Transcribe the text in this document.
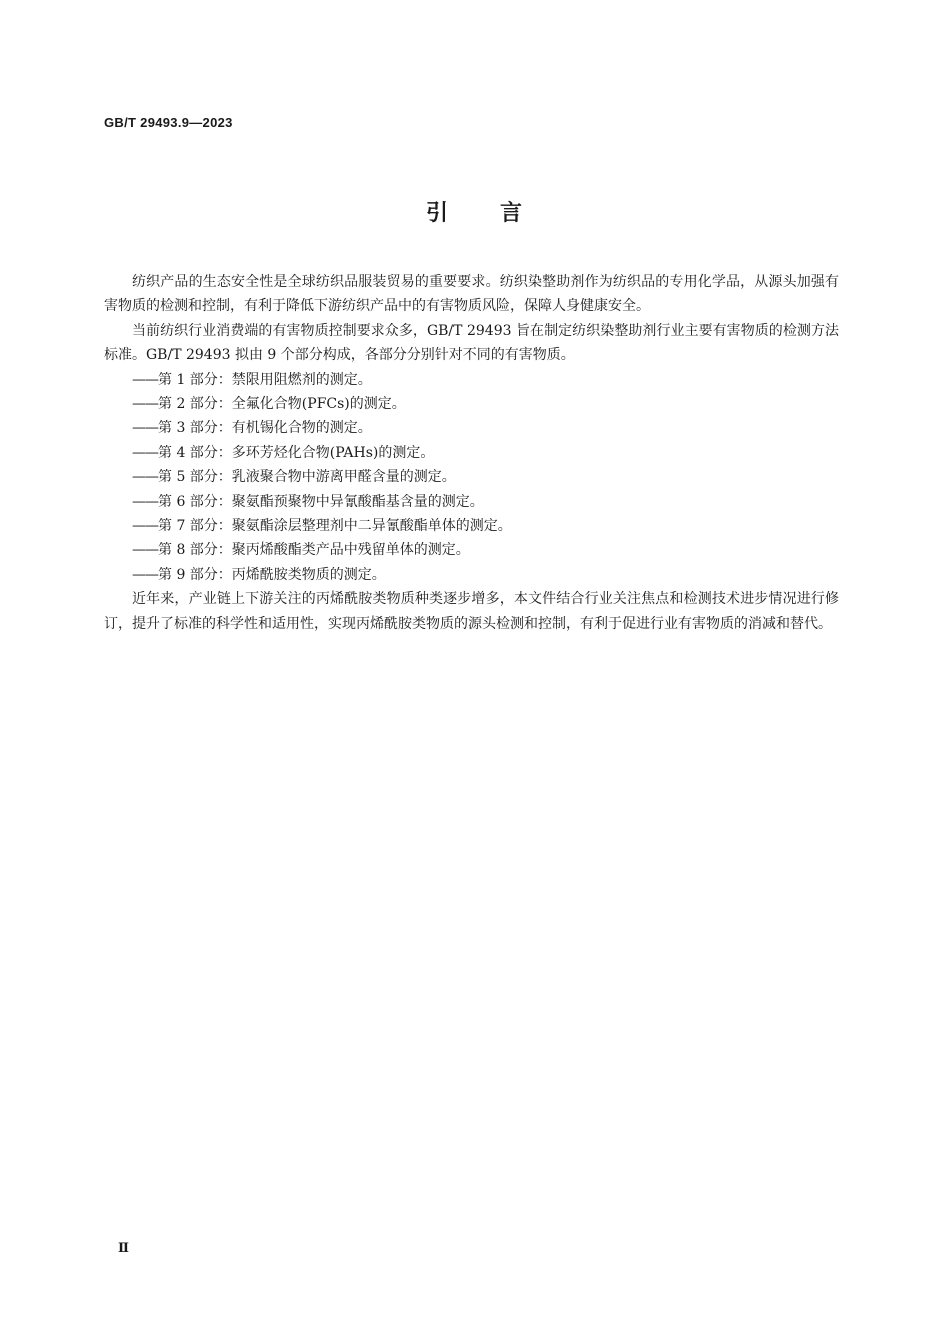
GB/T 29493.9—2023
引 言

纺织产品的生态安全性是全球纺织品服装贸易的重要要求。纺织染整助剂作为纺织品的专用化学品，从源头加强有害物质的检测和控制，有利于降低下游纺织产品中的有害物质风险，保障人身健康安全。

当前纺织行业消费端的有害物质控制要求众多，GB/T 29493 旨在制定纺织染整助剂行业主要有害物质的检测方法标准。GB/T 29493 拟由 9 个部分构成，各部分分别针对不同的有害物质。

——第 1 部分：禁限用阻燃剂的测定。
——第 2 部分：全氟化合物(PFCs)的测定。
——第 3 部分：有机锡化合物的测定。
——第 4 部分：多环芳烃化合物(PAHs)的测定。
——第 5 部分：乳液聚合物中游离甲醛含量的测定。
——第 6 部分：聚氨酯预聚物中异氰酸酯基含量的测定。
——第 7 部分：聚氨酯涂层整理剂中二异氰酸酯单体的测定。
——第 8 部分：聚丙烯酸酯类产品中残留单体的测定。
——第 9 部分：丙烯酰胺类物质的测定。

近年来，产业链上下游关注的丙烯酰胺类物质种类逐步增多，本文件结合行业关注焦点和检测技术进步情况进行修订，提升了标准的科学性和适用性，实现丙烯酰胺类物质的源头检测和控制，有利于促进行业有害物质的消减和替代。

Ⅱ
